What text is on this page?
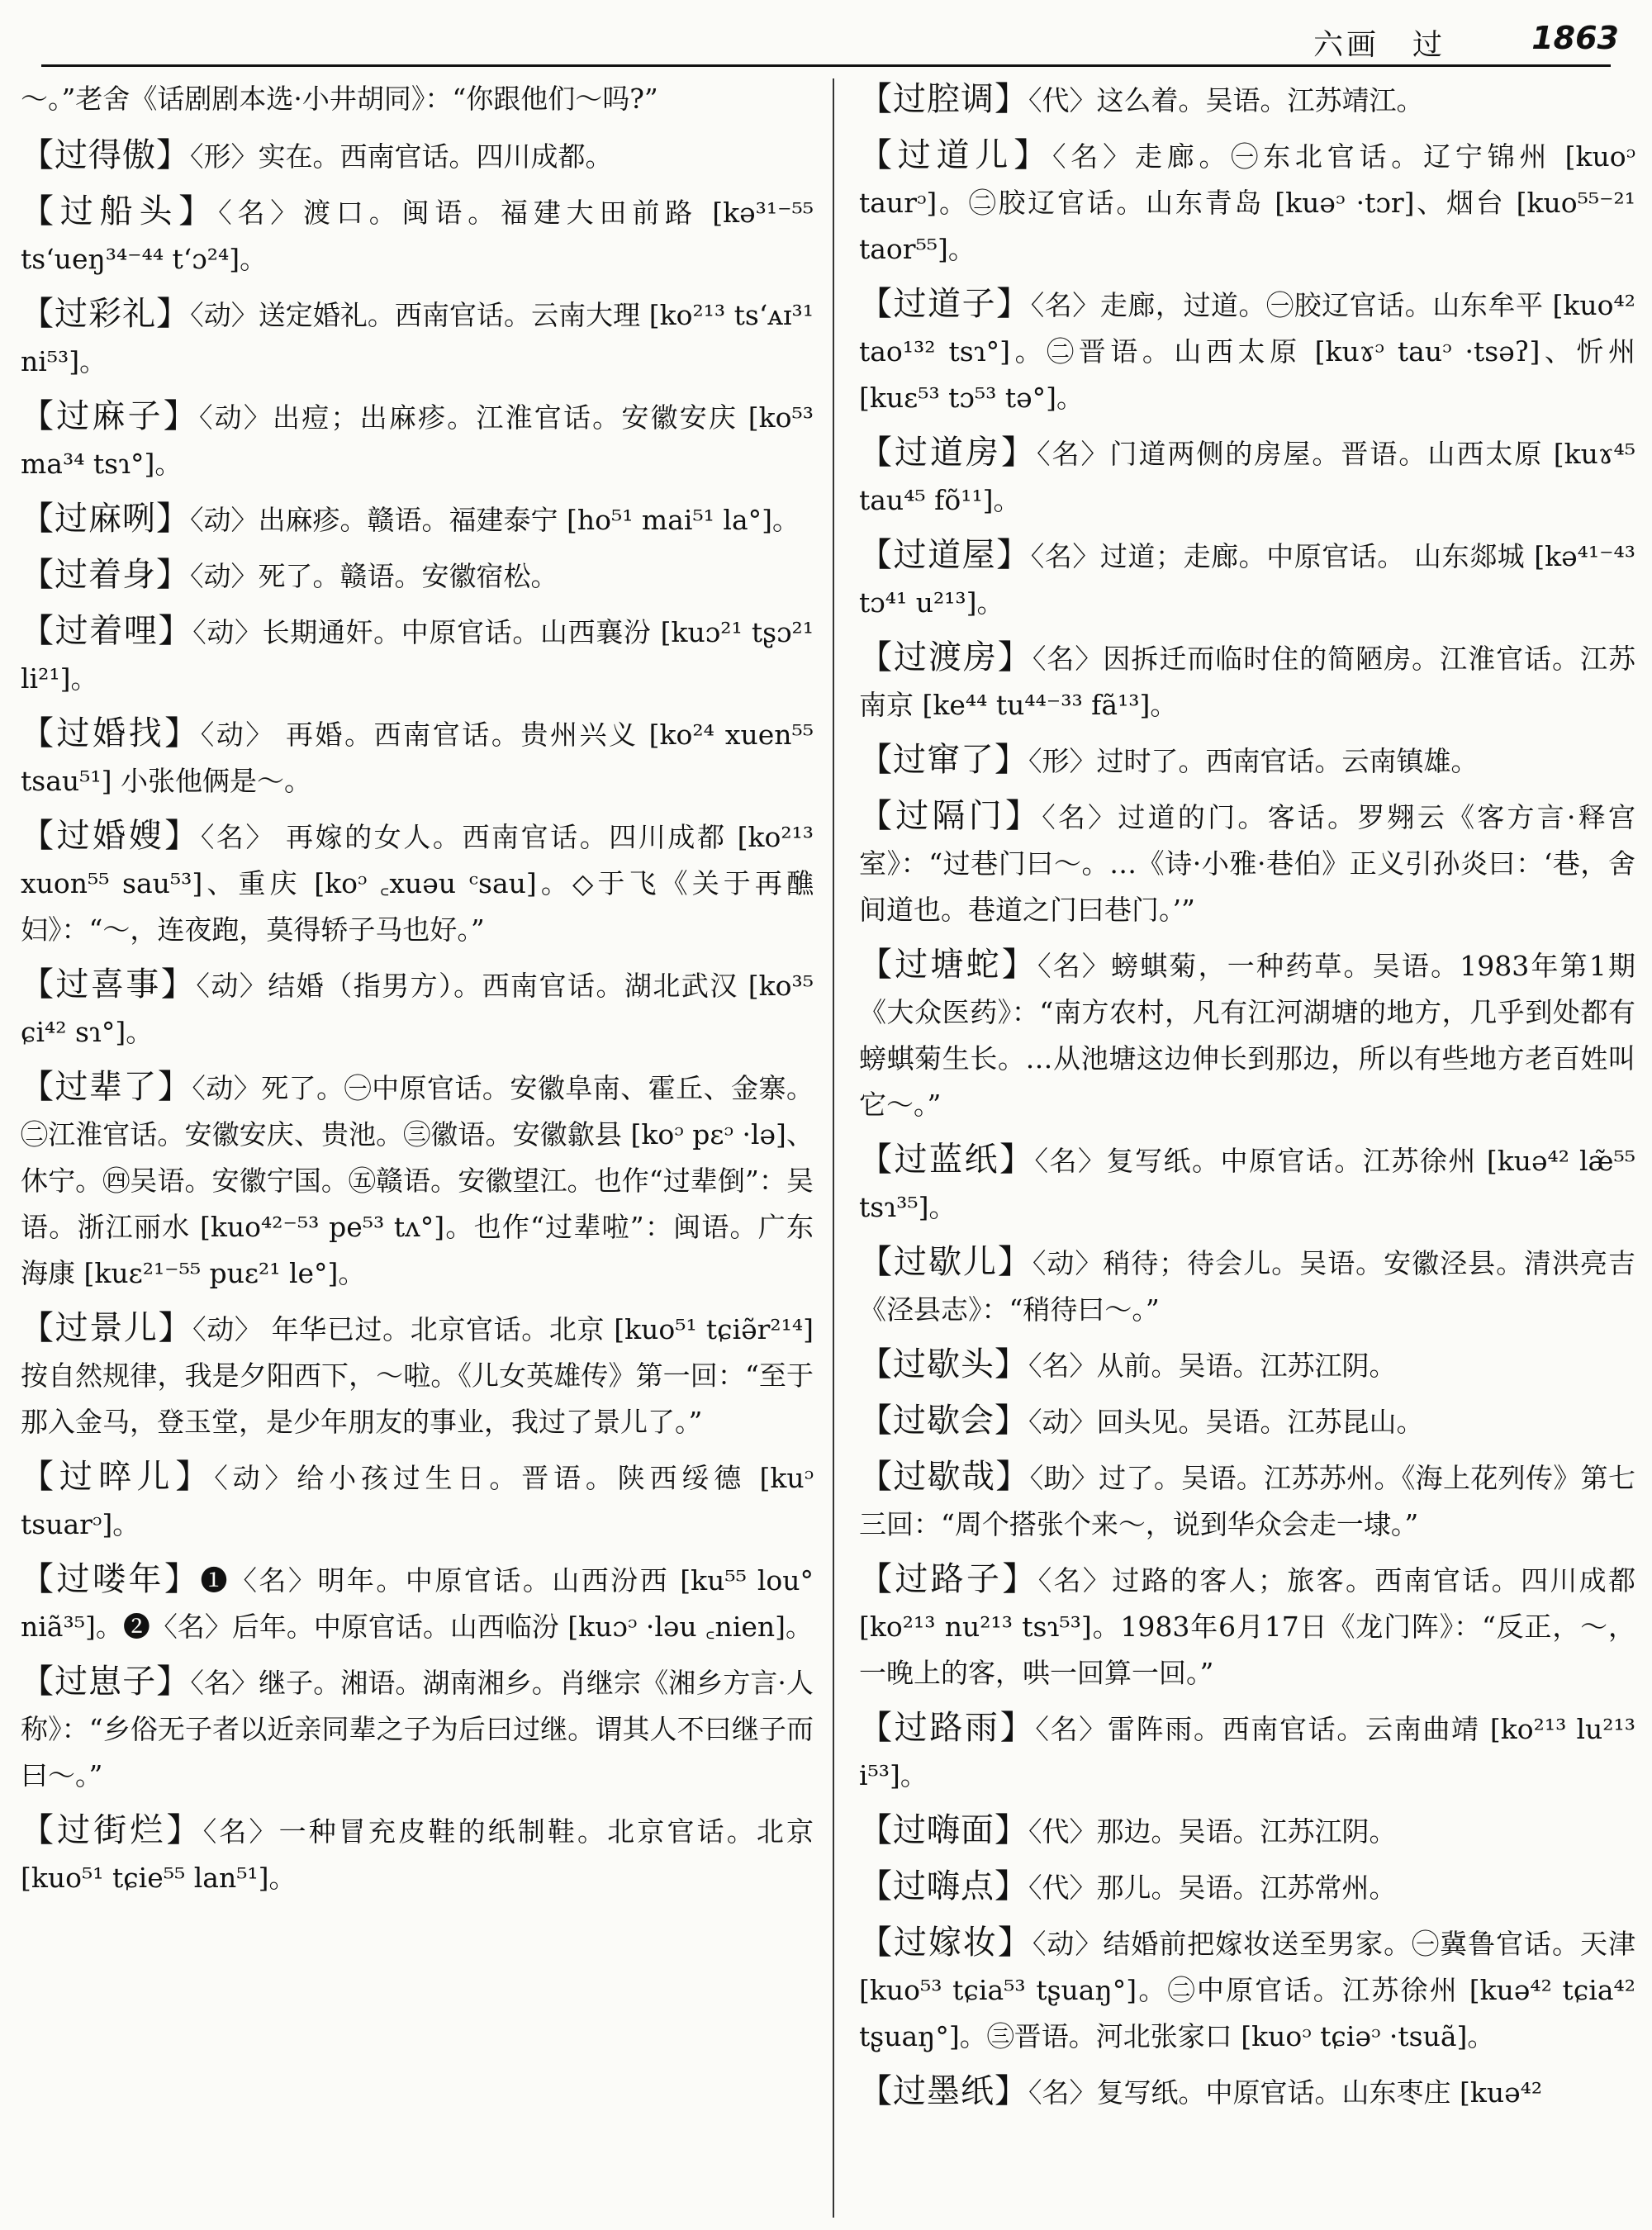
六画　过	1863

～。”老舍《话剧剧本选·小井胡同》：“你跟他们～吗?”

【过得傲】〈形〉实在。西南官话。四川成都。

【过船头】〈名〉渡口。闽语。福建大田前路 [kə³¹⁻⁵⁵ tsʻueŋ³⁴⁻⁴⁴ tʻɔ²⁴]。

【过彩礼】〈动〉送定婚礼。西南官话。云南大理 [ko²¹³ tsʻᴀɪ³¹ ni⁵³]。

【过麻子】〈动〉出痘；出麻疹。江淮官话。安徽安庆 [ko⁵³ ma³⁴ tsɿ°]。

【过麻咧】〈动〉出麻疹。赣语。福建泰宁 [ho⁵¹ mai⁵¹ la°]。

【过着身】〈动〉死了。赣语。安徽宿松。

【过着哩】〈动〉长期通奸。中原官话。山西襄汾 [kuɔ²¹ tʂɔ²¹ li²¹]。

【过婚找】〈动〉 再婚。西南官话。贵州兴义 [ko²⁴ xuen⁵⁵ tsau⁵¹] 小张他俩是～。

【过婚嫂】〈名〉 再嫁的女人。西南官话。四川成都 [ko²¹³ xuon⁵⁵ sau⁵³]、重庆 [koᵓ ꜀xuəu ᶜsau]。◇于飞《关于再醮妇》：“～，连夜跑，莫得轿子马也好。”

【过喜事】〈动〉结婚（指男方）。西南官话。湖北武汉 [ko³⁵ ɕi⁴² sɿ°]。

【过辈了】〈动〉死了。㊀中原官话。安徽阜南、霍丘、金寨。㊁江淮官话。安徽安庆、贵池。㊂徽语。安徽歙县 [koᵓ pɛᵓ ·lə]、休宁。㊃吴语。安徽宁国。㊄赣语。安徽望江。也作“过辈倒”：吴语。浙江丽水 [kuo⁴²⁻⁵³ pe⁵³ tʌ°]。也作“过辈啦”：闽语。广东海康 [kuɛ²¹⁻⁵⁵ puɛ²¹ le°]。

【过景儿】〈动〉 年华已过。北京官话。北京 [kuo⁵¹ tɕiə̃r²¹⁴] 按自然规律，我是夕阳西下，～啦。《儿女英雄传》第一回：“至于那入金马，登玉堂，是少年朋友的事业，我过了景儿了。”

【过晬儿】〈动〉给小孩过生日。晋语。陕西绥德 [kuᵓ tsuarᵓ]。

【过喽年】❶〈名〉明年。中原官话。山西汾西 [ku⁵⁵ lou° niã³⁵]。❷〈名〉后年。中原官话。山西临汾 [kuɔᵓ ·ləu ꜀nien]。

【过崽子】〈名〉继子。湘语。湖南湘乡。肖继宗《湘乡方言·人称》：“乡俗无子者以近亲同辈之子为后曰过继。谓其人不曰继子而曰～。”

【过街烂】〈名〉一种冒充皮鞋的纸制鞋。北京官话。北京 [kuo⁵¹ tɕie⁵⁵ lan⁵¹]。

【过腔调】〈代〉这么着。吴语。江苏靖江。

【过道儿】〈名〉走廊。㊀东北官话。辽宁锦州 [kuoᵓ taurᵓ]。㊁胶辽官话。山东青岛 [kuəᵓ ·tɔr]、烟台 [kuo⁵⁵⁻²¹ taor⁵⁵]。

【过道子】〈名〉走廊，过道。㊀胶辽官话。山东牟平 [kuo⁴² tao¹³² tsɿ°]。㊁晋语。山西太原 [kuɤᵓ tauᵓ ·tsəʔ]、忻州 [kuɛ⁵³ tɔ⁵³ tə°]。

【过道房】〈名〉门道两侧的房屋。晋语。山西太原 [kuɤ⁴⁵ tau⁴⁵ fõ¹¹]。

【过道屋】〈名〉过道；走廊。中原官话。 山东郯城 [kə⁴¹⁻⁴³ tɔ⁴¹ u²¹³]。

【过渡房】〈名〉因拆迁而临时住的简陋房。江淮官话。江苏南京 [ke⁴⁴ tu⁴⁴⁻³³ fã¹³]。

【过窜了】〈形〉过时了。西南官话。云南镇雄。

【过隔门】〈名〉过道的门。客话。罗翙云《客方言·释宫室》：“过巷门曰～。…《诗·小雅·巷伯》正义引孙炎曰：‘巷，舍间道也。巷道之门曰巷门。’”

【过塘蛇】〈名〉螃蜞菊，一种药草。吴语。1983年第1期《大众医药》：“南方农村，凡有江河湖塘的地方，几乎到处都有螃蜞菊生长。…从池塘这边伸长到那边，所以有些地方老百姓叫它～。”

【过蓝纸】〈名〉复写纸。中原官话。江苏徐州 [kuə⁴² læ̃⁵⁵ tsɿ³⁵]。

【过歇儿】〈动〉稍待；待会儿。吴语。安徽泾县。清洪亮吉《泾县志》：“稍待曰～。”

【过歇头】〈名〉从前。吴语。江苏江阴。

【过歇会】〈动〉回头见。吴语。江苏昆山。

【过歇哉】〈助〉过了。吴语。江苏苏州。《海上花列传》第七三回：“周个搭张个来～，说到华众会走一埭。”

【过路子】〈名〉过路的客人；旅客。西南官话。四川成都 [ko²¹³ nu²¹³ tsɿ⁵³]。1983年6月17日《龙门阵》：“反正，～，一晚上的客，哄一回算一回。”

【过路雨】〈名〉雷阵雨。西南官话。云南曲靖 [ko²¹³ lu²¹³ i⁵³]。

【过嗨面】〈代〉那边。吴语。江苏江阴。

【过嗨点】〈代〉那儿。吴语。江苏常州。

【过嫁妆】〈动〉结婚前把嫁妆送至男家。㊀冀鲁官话。天津 [kuo⁵³ tɕia⁵³ tʂuaŋ°]。㊁中原官话。江苏徐州 [kuə⁴² tɕia⁴² tʂuaŋ°]。㊂晋语。河北张家口 [kuoᵓ tɕiəᵓ ·tsuã]。

【过墨纸】〈名〉复写纸。中原官话。山东枣庄 [kuə⁴²
